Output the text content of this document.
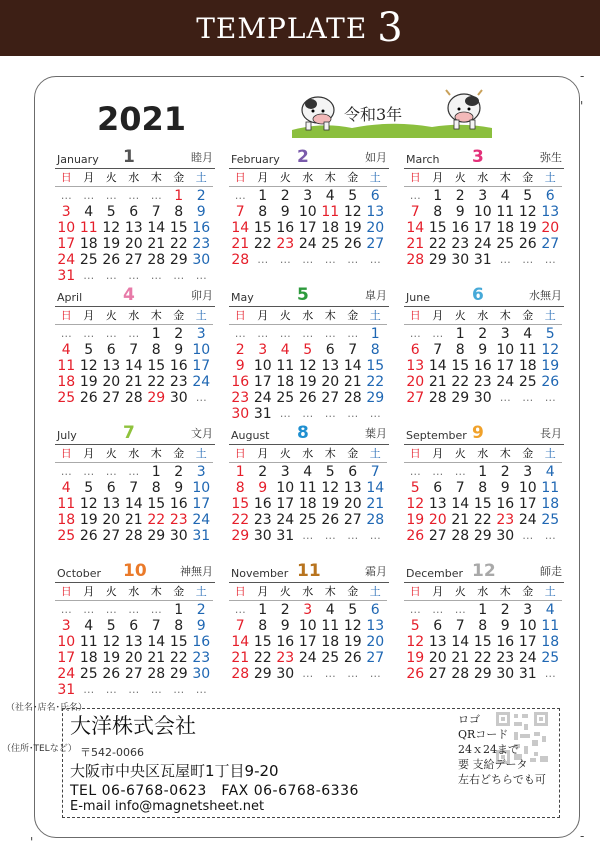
TEMPLATE 3
-
-
'
'
2021	令和3年
January 1	睦月
日	月	火	水	木	金	土
…	…	…	…	… 1 2
3 4 5 6 7 8 9
10 11 12 13 14 15 16
17 18 19 20 21 22 23
24 25 26 27 28 29 30
31 …	…	…	…	…	…
February 2	如月
日	月	火	水	木	金	土
… 1 2 3 4 5 6
7 8 9 10 11 12 13
14 15 16 17 18 19 20
21 22 23 24 25 26 27
28 …	…	…	…	…	…
March 3	弥生
日	月	火	水	木	金	土
… 1 2 3 4 5 6
7 8 9 10 11 12 13
14 15 16 17 18 19 20
21 22 23 24 25 26 27
28 29 30 31 …	…	…
April 4	卯月
日	月	火	水	木	金	土
…	…	…	… 1 2 3
4 5 6 7 8 9 10
11 12 13 14 15 16 17
18 19 20 21 22 23 24
25 26 27 28 29 30 …
May	5	皐月
日	月	火	水	木	金	土
…	…	…	…	…	… 1
2 3 4 5 6 7 8
9 10 11 12 13 14 15
16 17 18 19 20 21 22
23 24 25 26 27 28 29
30 31 …	…	…	…	…
June 6	水無月
日	月	火	水	木	金	土
…	… 1 2 3 4 5
6 7 8 9 10 11 12
13 14 15 16 17 18 19
20 21 22 23 24 25 26
27 28 29 30 …	…	…
July	7	文月
日	月	火	水	木	金	土
…	…	…	… 1 2 3
4 5 6 7 8 9 10
11 12 13 14 15 16 17
18 19 20 21 22 23 24
25 26 27 28 29 30 31
August 8	葉月
日	月	火	水	木	金	土
1 2 3 4 5 6 7
8 9 10 11 12 13 14
15 16 17 18 19 20 21
22 23 24 25 26 27 28
29 30 31 …	…	…	…
September 9	長月
日	月	火	水	木	金	土
…	…	… 1 2 3 4
5 6 7 8 9 10 11
12 13 14 15 16 17 18
19 20 21 22 23 24 25
26 27 28 29 30 …	…
October 10	神無月
日	月	火	水	木	金	土
…	…	…	…	… 1 2
3 4 5 6 7 8 9
10 11 12 13 14 15 16
17 18 19 20 21 22 23
24 25 26 27 28 29 30
31 …	…	…	…	…	…
November 11	霜月
日	月	火	水	木	金	土
… 1 2 3 4 5 6
7 8 9 10 11 12 13
14 15 16 17 18 19 20
21 22 23 24 25 26 27
28 29 30 …	…	…	…
December 12	師走
日	月	火	水	木	金	土
…	…	… 1 2 3 4
5 6 7 8 9 10 11
12 13 14 15 16 17 18
19 20 21 22 23 24 25
26 27 28 29 30 31 …
（社名･店名･氏名）
（住所･TELなど）
大洋株式会社
〒542-0066
大阪市中央区瓦屋町1丁目9-20
TEL 06-6768-0623　FAX 06-6768-6336
E-mail info@magnetsheet.net
ロゴ
QRコード
24ｘ24まで
要 支給データ
左右どちらでも可
